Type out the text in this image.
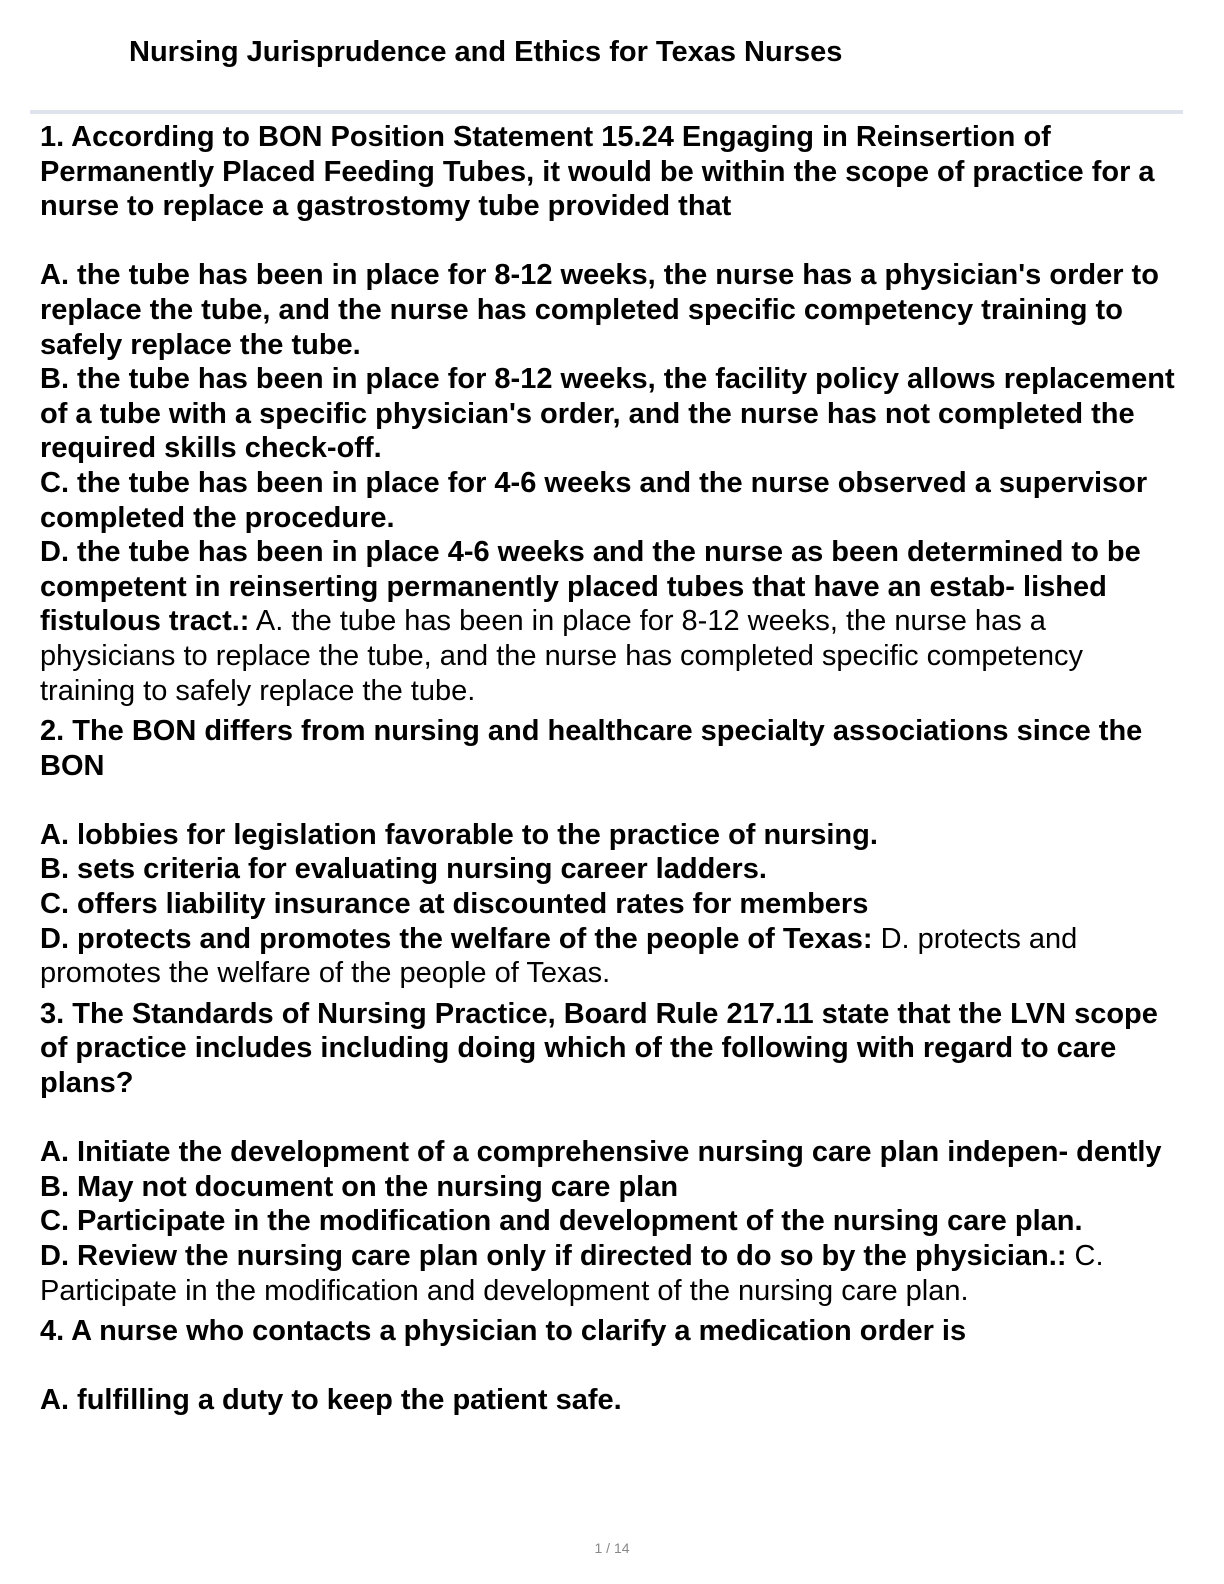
Nursing Jurisprudence and Ethics for Texas Nurses

1. According to BON Position Statement 15.24 Engaging in Reinsertion of Permanently Placed Feeding Tubes, it would be within the scope of practice for a nurse to replace a gastrostomy tube provided that

A. the tube has been in place for 8-12 weeks, the nurse has a physician's order to replace the tube, and the nurse has completed specific competency training to safely replace the tube.

B. the tube has been in place for 8-12 weeks, the facility policy allows replacement of a tube with a specific physician's order, and the nurse has not completed the required skills check-off.

C. the tube has been in place for 4-6 weeks and the nurse observed a supervisor completed the procedure.

D. the tube has been in place 4-6 weeks and the nurse as been determined to be competent in reinserting permanently placed tubes that have an estab- lished fistulous tract.: A. the tube has been in place for 8-12 weeks, the nurse has a physicians to replace the tube, and the nurse has completed specific competency training to safely replace the tube.

2. The BON differs from nursing and healthcare specialty associations since the BON

A. lobbies for legislation favorable to the practice of nursing.

B. sets criteria for evaluating nursing career ladders.

C. offers liability insurance at discounted rates for members

D. protects and promotes the welfare of the people of Texas: D. protects and promotes the welfare of the people of Texas.

3. The Standards of Nursing Practice, Board Rule 217.11 state that the LVN scope of practice includes including doing which of the following with regard to care plans?

A. Initiate the development of a comprehensive nursing care plan indepen- dently

B. May not document on the nursing care plan

C. Participate in the modification and development of the nursing care plan.

D. Review the nursing care plan only if directed to do so by the physician.: C. Participate in the modification and development of the nursing care plan.

4. A nurse who contacts a physician to clarify a medication order is

A. fulfilling a duty to keep the patient safe.

1 / 14
